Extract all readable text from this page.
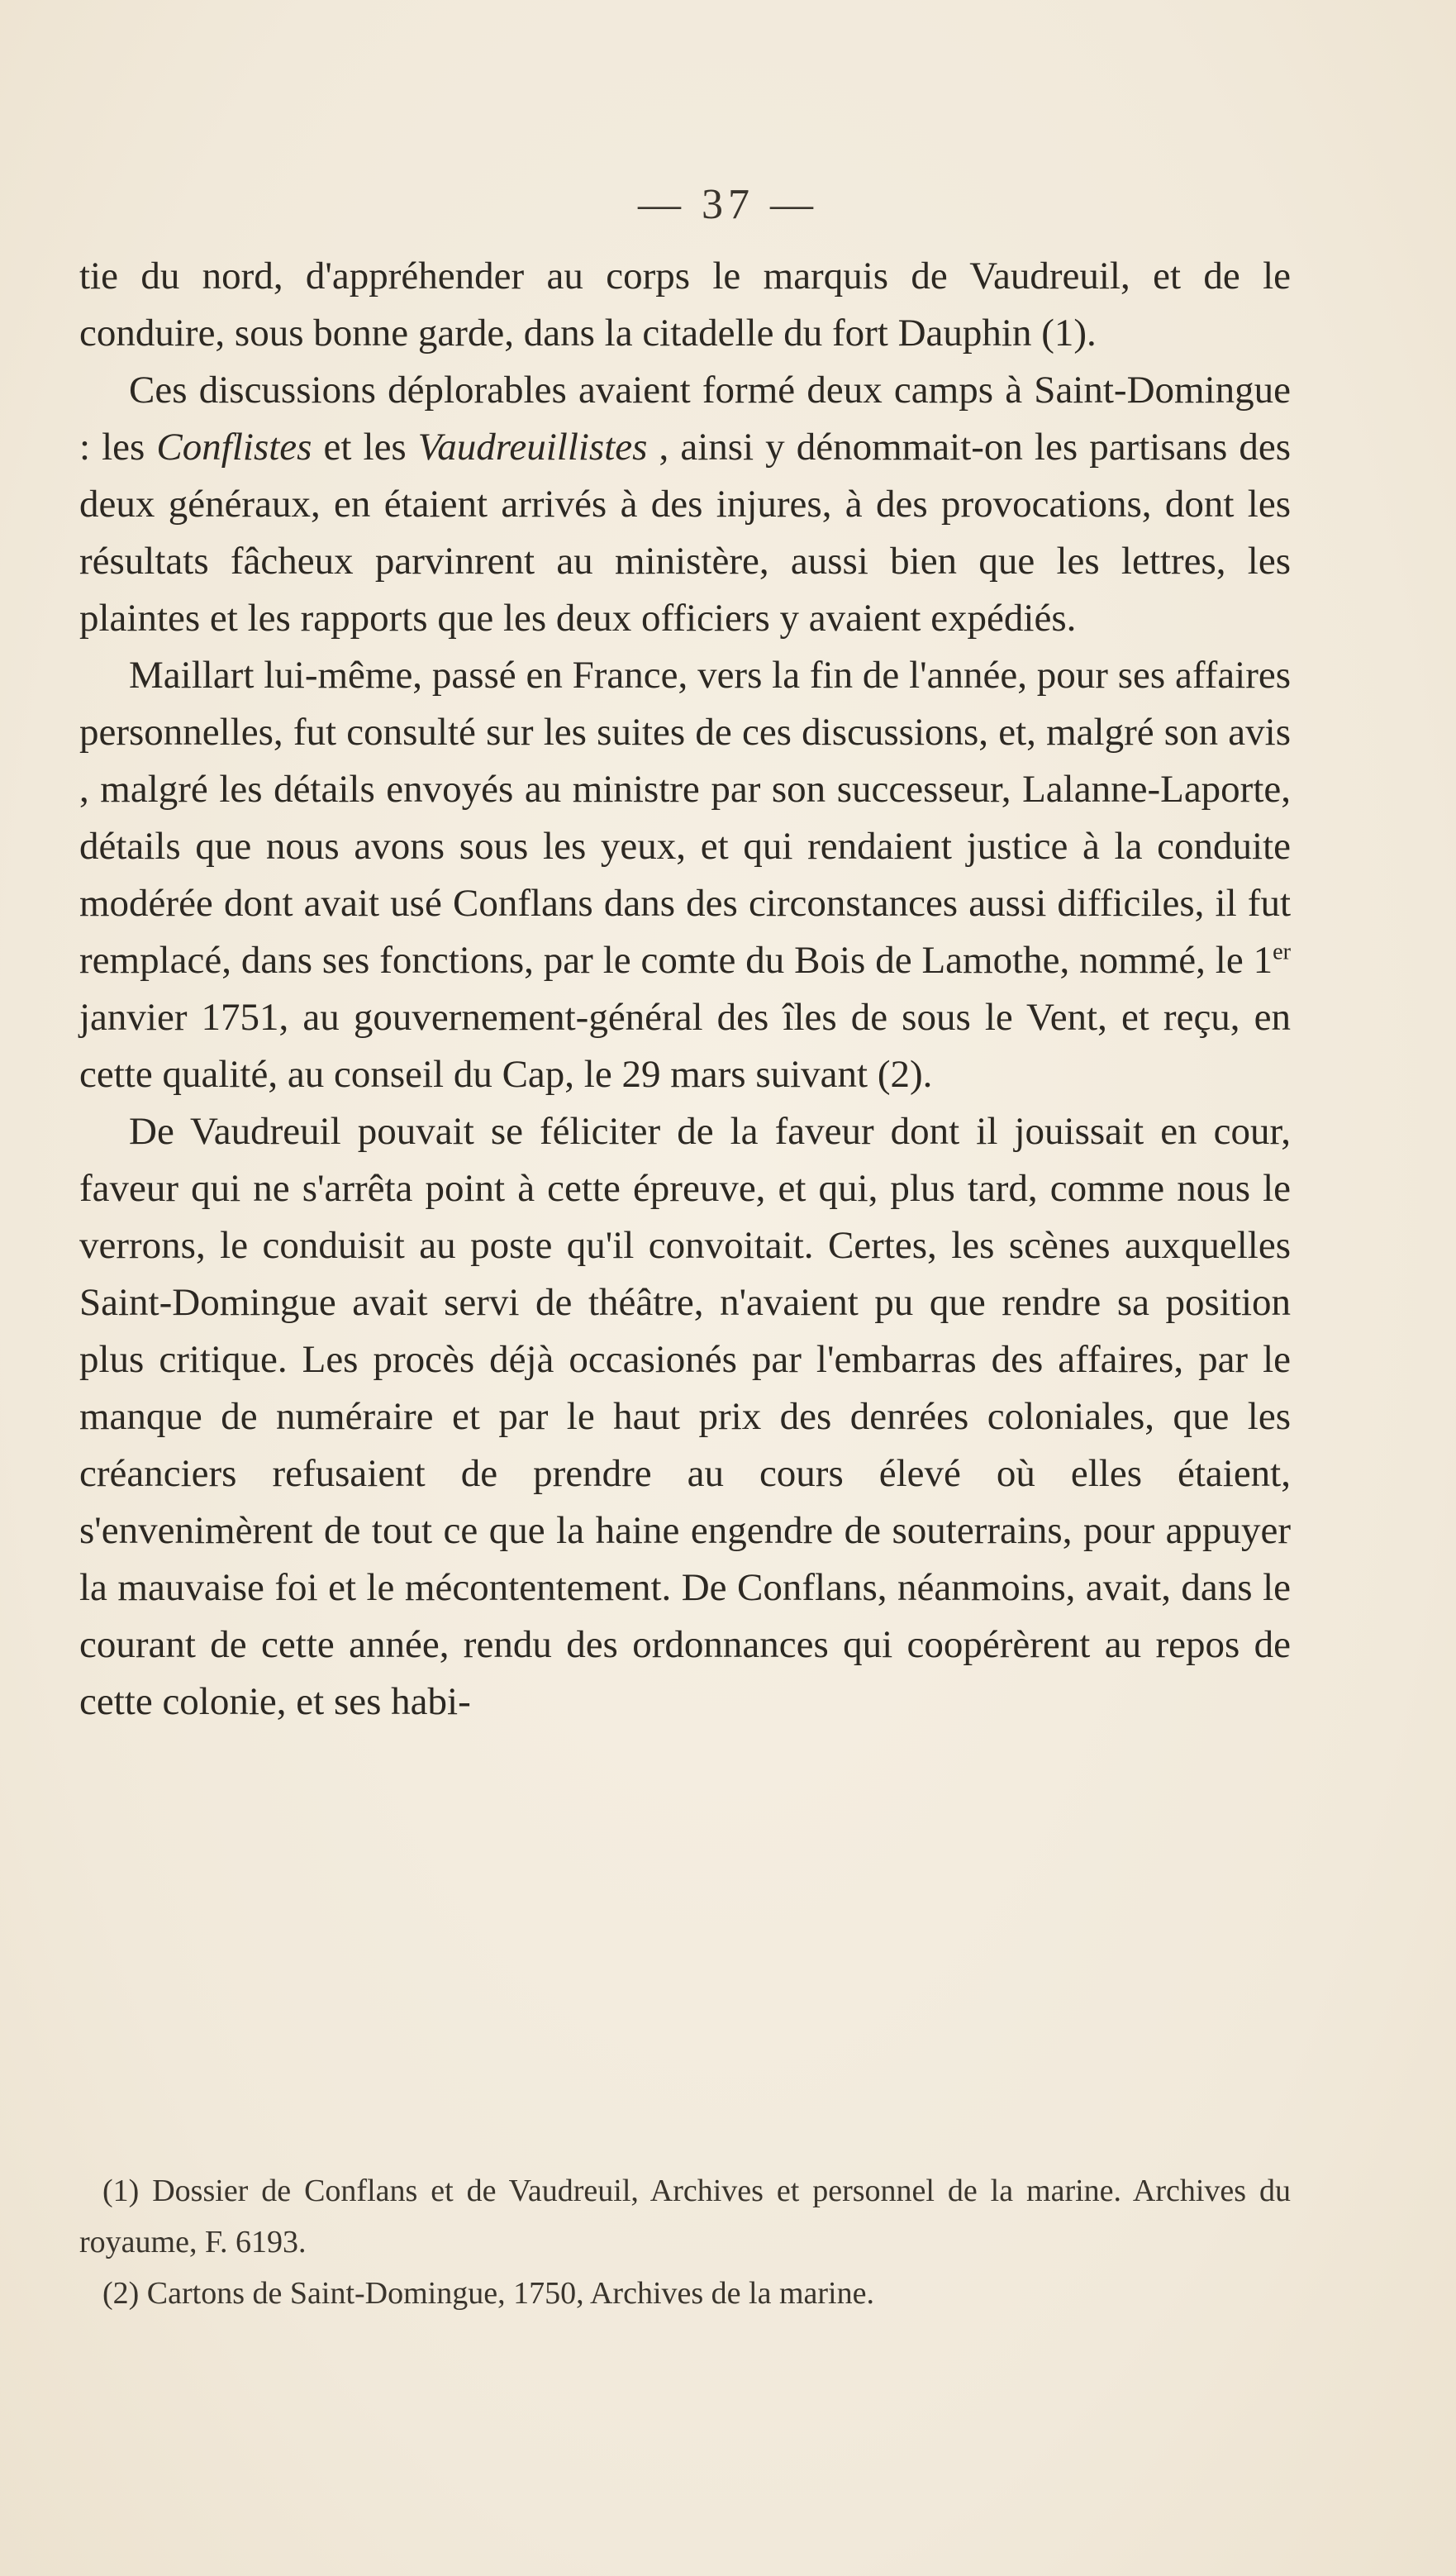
— 37 —

tie du nord, d'appréhender au corps le marquis de Vaudreuil, et de le conduire, sous bonne garde, dans la citadelle du fort Dauphin (1).

Ces discussions déplorables avaient formé deux camps à Saint-Domingue : les Conflistes et les Vaudreuillistes , ainsi y dénommait-on les partisans des deux généraux, en étaient arrivés à des injures, à des provocations, dont les résultats fâcheux parvinrent au ministère, aussi bien que les lettres, les plaintes et les rapports que les deux officiers y avaient expédiés.

Maillart lui-même, passé en France, vers la fin de l'année, pour ses affaires personnelles, fut consulté sur les suites de ces discussions, et, malgré son avis , malgré les détails envoyés au ministre par son successeur, Lalanne-Laporte, détails que nous avons sous les yeux, et qui rendaient justice à la conduite modérée dont avait usé Conflans dans des circonstances aussi difficiles, il fut remplacé, dans ses fonctions, par le comte du Bois de Lamothe, nommé, le 1er janvier 1751, au gouvernement-général des îles de sous le Vent, et reçu, en cette qualité, au conseil du Cap, le 29 mars suivant (2).

De Vaudreuil pouvait se féliciter de la faveur dont il jouissait en cour, faveur qui ne s'arrêta point à cette épreuve, et qui, plus tard, comme nous le verrons, le conduisit au poste qu'il convoitait. Certes, les scènes auxquelles Saint-Domingue avait servi de théâtre, n'avaient pu que rendre sa position plus critique. Les procès déjà occasionés par l'embarras des affaires, par le manque de numéraire et par le haut prix des denrées coloniales, que les créanciers refusaient de prendre au cours élevé où elles étaient, s'envenimèrent de tout ce que la haine engendre de souterrains, pour appuyer la mauvaise foi et le mécontentement. De Conflans, néanmoins, avait, dans le courant de cette année, rendu des ordonnances qui coopérèrent au repos de cette colonie, et ses habi-

(1) Dossier de Conflans et de Vaudreuil, Archives et personnel de la marine. Archives du royaume, F. 6193.

(2) Cartons de Saint-Domingue, 1750, Archives de la marine.
